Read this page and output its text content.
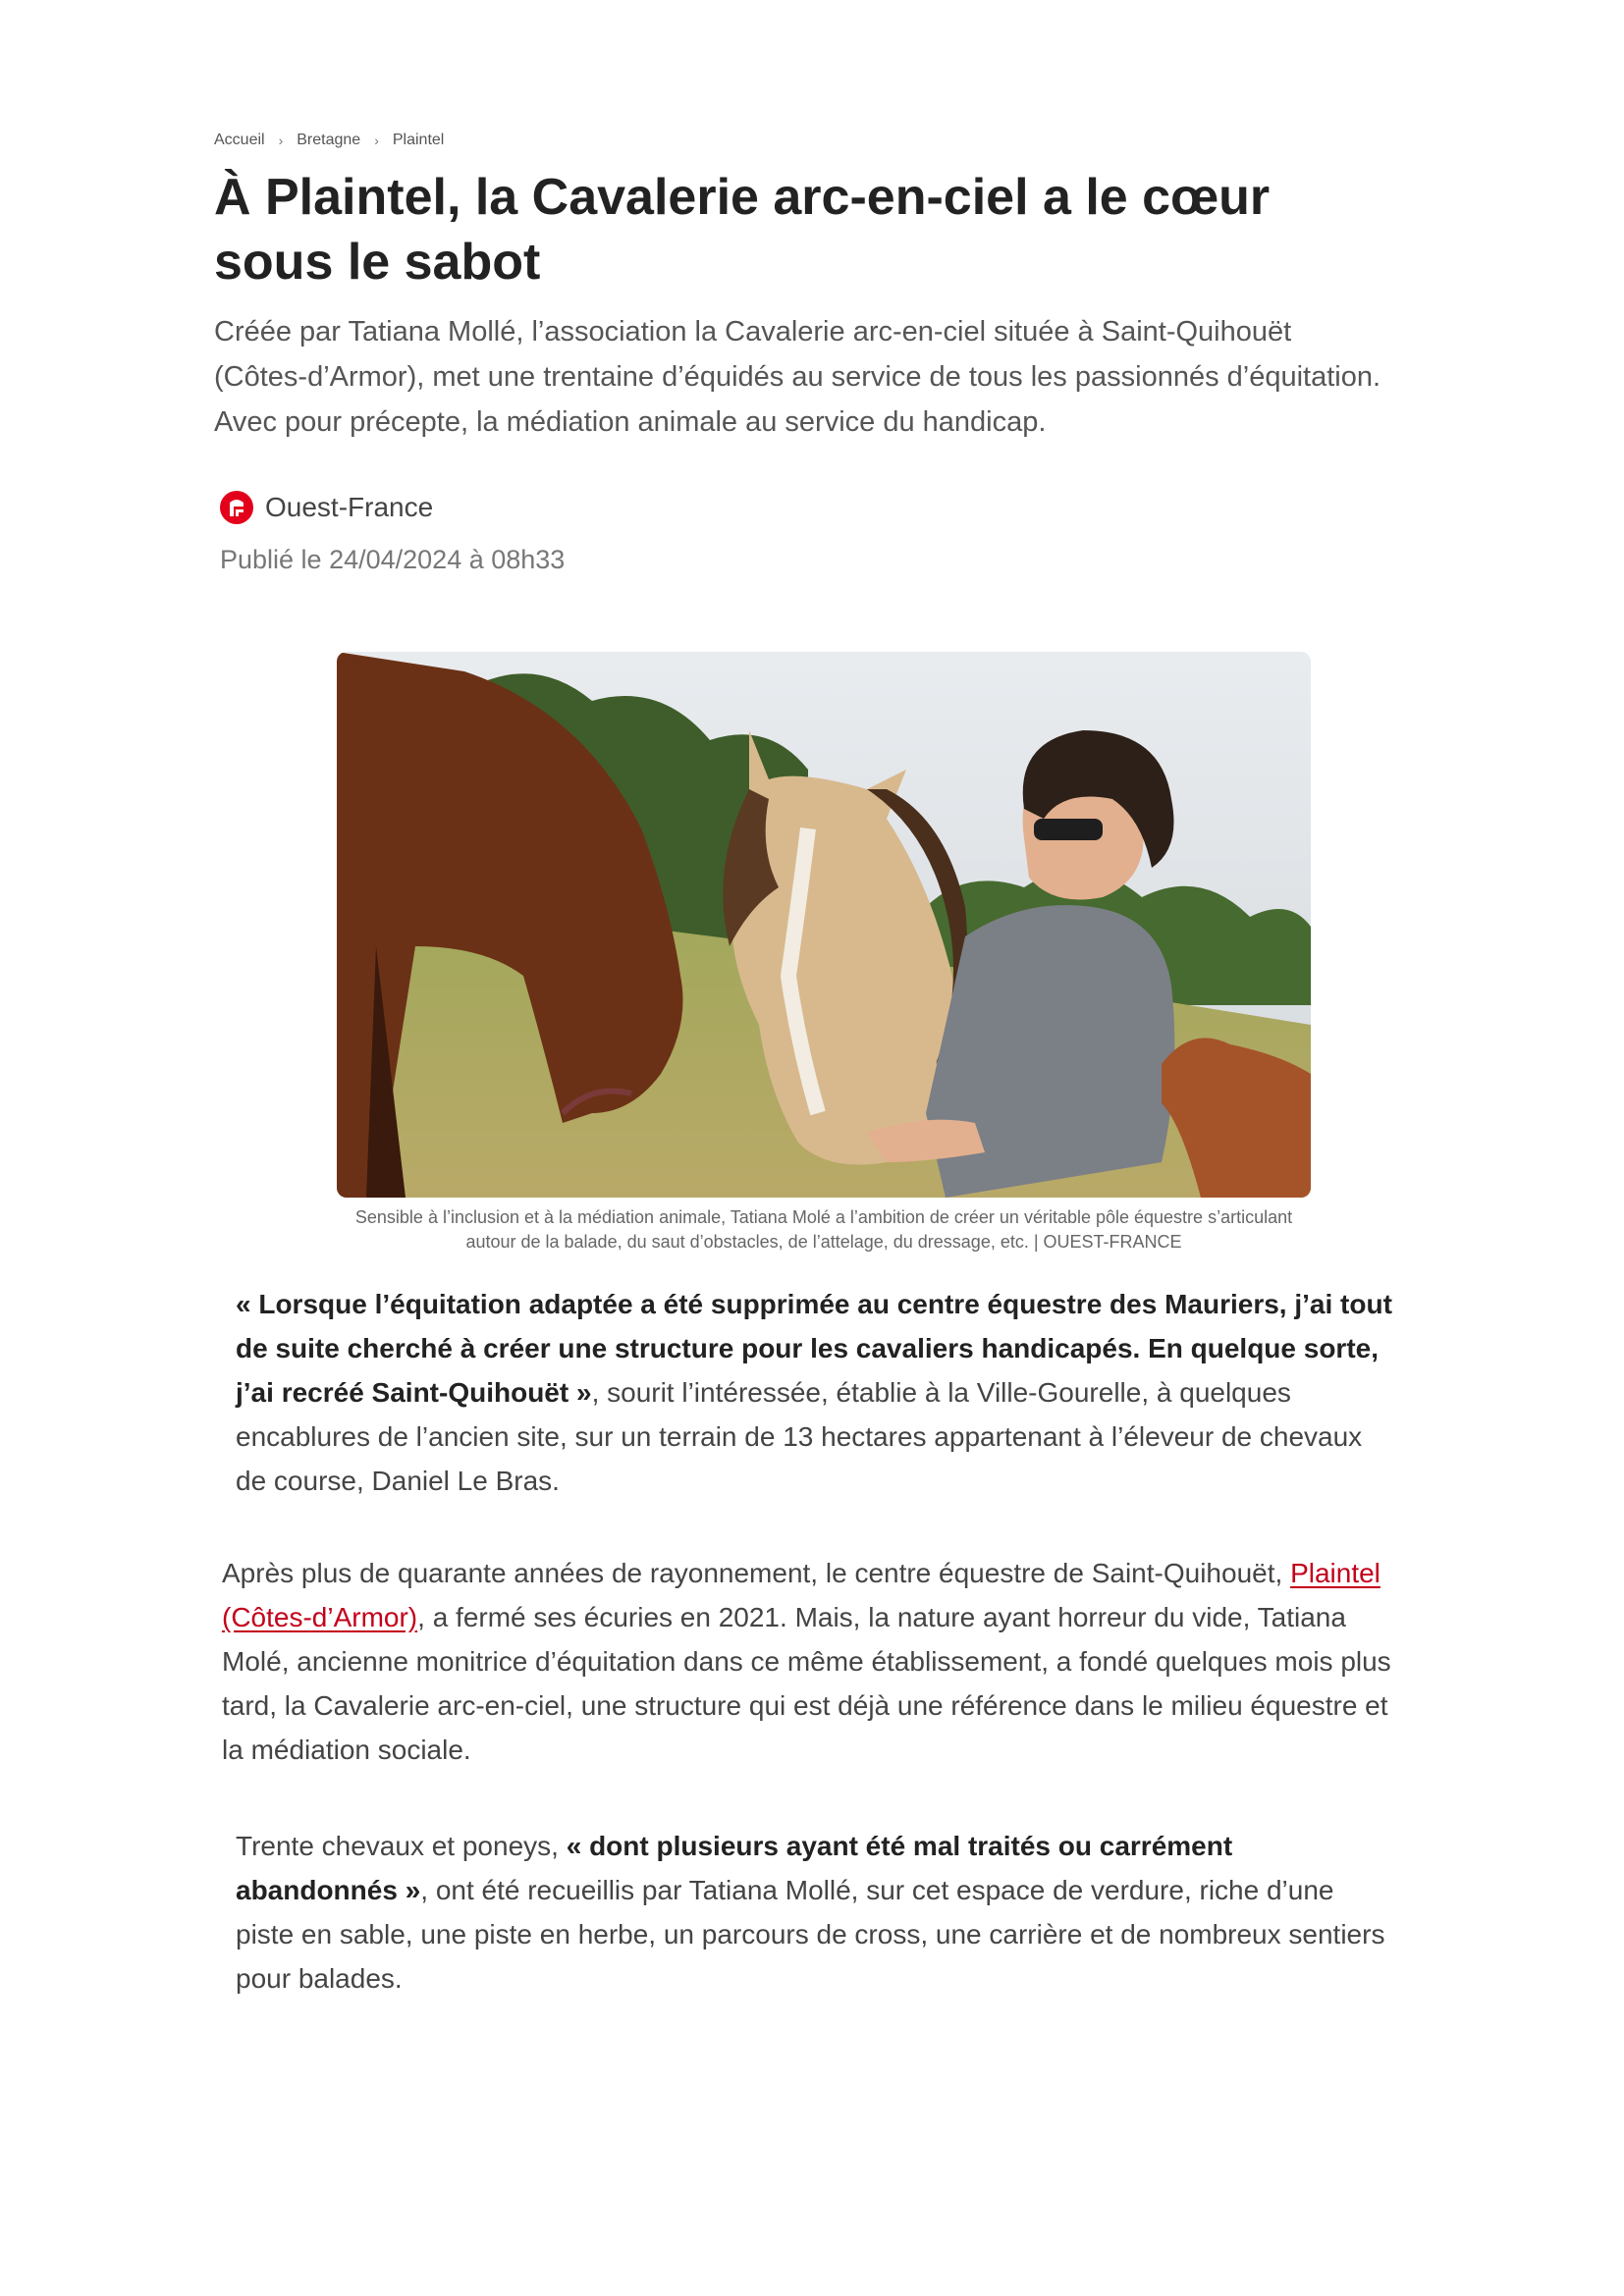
Accueil › Bretagne › Plaintel
À Plaintel, la Cavalerie arc-en-ciel a le cœur sous le sabot

Créée par Tatiana Mollé, l’association la Cavalerie arc-en-ciel située à Saint-Quihouët (Côtes-d’Armor), met une trentaine d’équidés au service de tous les passionnés d’équitation. Avec pour précepte, la médiation animale au service du handicap.

Ouest-France
Publié le 24/04/2024 à 08h33

Sensible à l’inclusion et à la médiation animale, Tatiana Molé a l’ambition de créer un véritable pôle équestre s’articulant autour de la balade, du saut d’obstacles, de l’attelage, du dressage, etc. | OUEST-FRANCE

« Lorsque l’équitation adaptée a été supprimée au centre équestre des Mauriers, j’ai tout de suite cherché à créer une structure pour les cavaliers handicapés. En quelque sorte, j’ai recréé Saint-Quihouët », sourit l’intéressée, établie à la Ville-Gourelle, à quelques encablures de l’ancien site, sur un terrain de 13 hectares appartenant à l’éleveur de chevaux de course, Daniel Le Bras.

Après plus de quarante années de rayonnement, le centre équestre de Saint-Quihouët, Plaintel (Côtes-d’Armor), a fermé ses écuries en 2021. Mais, la nature ayant horreur du vide, Tatiana Molé, ancienne monitrice d’équitation dans ce même établissement, a fondé quelques mois plus tard, la Cavalerie arc-en-ciel, une structure qui est déjà une référence dans le milieu équestre et la médiation sociale.

Trente chevaux et poneys, « dont plusieurs ayant été mal traités ou carrément abandonnés », ont été recueillis par Tatiana Mollé, sur cet espace de verdure, riche d’une piste en sable, une piste en herbe, un parcours de cross, une carrière et de nombreux sentiers pour balades.
